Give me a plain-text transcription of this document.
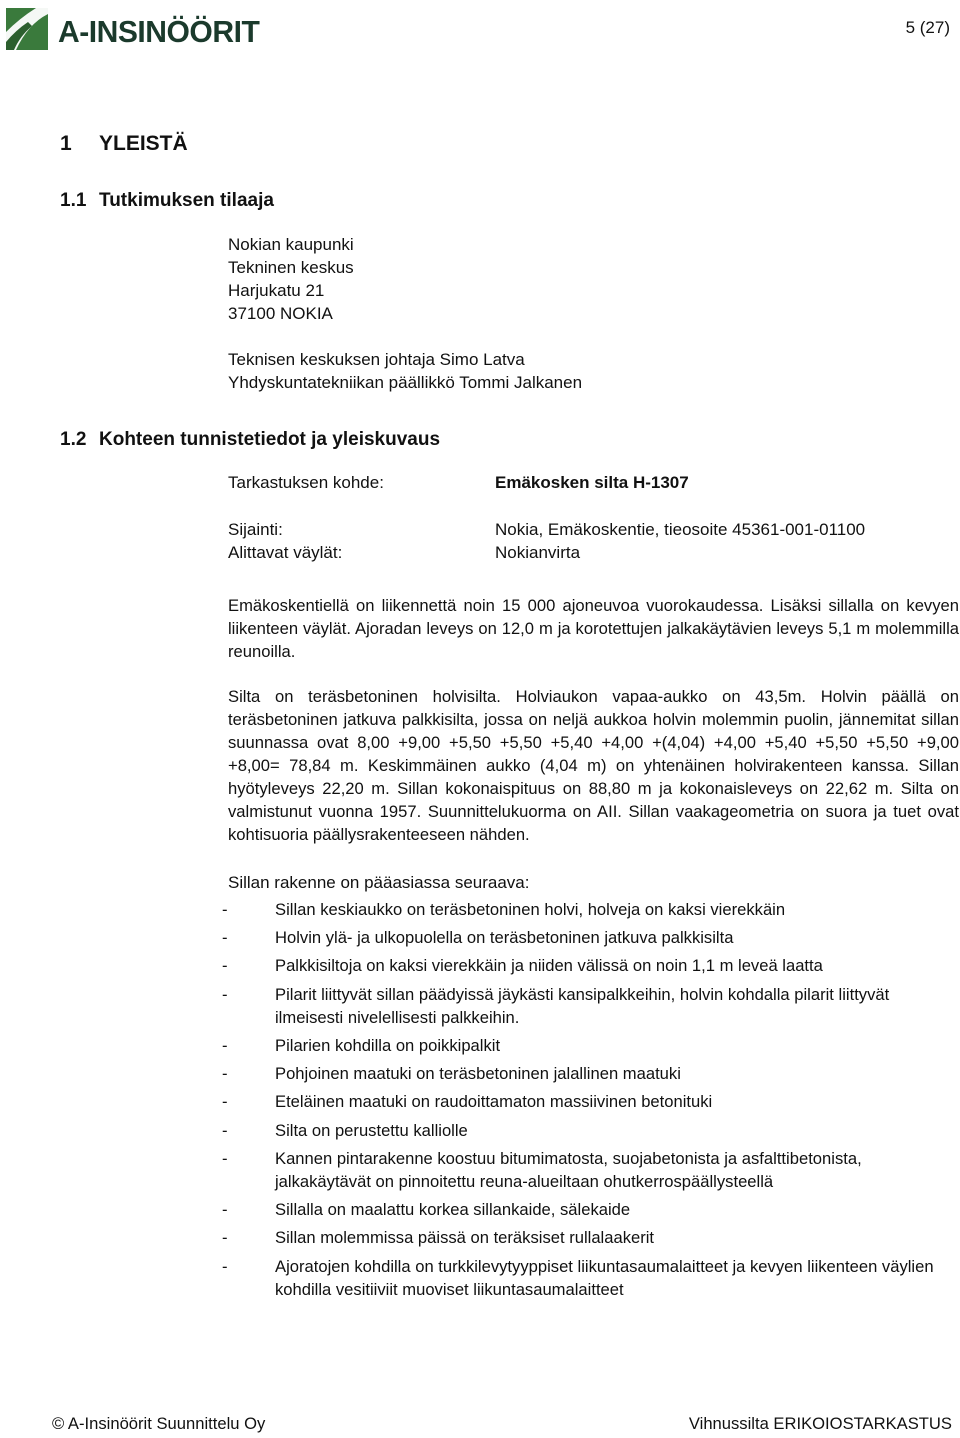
A-INSINÖÖRIT	5 (27)
1 YLEISTÄ
1.1 Tutkimuksen tilaaja
Nokian kaupunki
Tekninen keskus
Harjukatu 21
37100 NOKIA
Teknisen keskuksen johtaja Simo Latva
Yhdyskuntatekniikan päällikkö Tommi Jalkanen
1.2 Kohteen tunnistetiedot ja yleiskuvaus
Tarkastuksen kohde:	Emäkosken silta H-1307
Sijainti:	Nokia, Emäkoskentie, tieosoite 45361-001-01100
Alittavat väylät:	Nokianvirta
Emäkoskentiellä on liikennettä noin 15 000 ajoneuvoa vuorokaudessa. Lisäksi sillalla on kevyen liikenteen väylät. Ajoradan leveys on 12,0 m ja korotettujen jalkakäytävien leveys 5,1 m molemmilla reunoilla.
Silta on teräsbetoninen holvisilta. Holviaukon vapaa-aukko on 43,5m. Holvin päällä on teräsbetoninen jatkuva palkkisilta, jossa on neljä aukkoa holvin molemmin puolin, jännemitat sillan suunnassa ovat 8,00 +9,00 +5,50 +5,50 +5,40 +4,00 +(4,04) +4,00 +5,40 +5,50 +5,50 +9,00 +8,00= 78,84 m. Keskimmäinen aukko (4,04 m) on yhtenäinen holvirakenteen kanssa. Sillan hyötyleveys 22,20 m. Sillan kokonaispituus on 88,80 m ja kokonaisleveys on 22,62 m. Silta on valmistunut vuonna 1957. Suunnittelukuorma on AII. Sillan vaakageometria on suora ja tuet ovat kohtisuoria päällysrakenteeseen nähden.
Sillan rakenne on pääasiassa seuraava:
-	Sillan keskiaukko on teräsbetoninen holvi, holveja on kaksi vierekkäin
-	Holvin ylä- ja ulkopuolella on teräsbetoninen jatkuva palkkisilta
-	Palkkisiltoja on kaksi vierekkäin ja niiden välissä on noin 1,1 m leveä laatta
-	Pilarit liittyvät sillan päädyissä jäykästi kansipalkkeihin, holvin kohdalla pilarit liittyvät ilmeisesti nivelellisesti palkkeihin.
-	Pilarien kohdilla on poikkipalkit
-	Pohjoinen maatuki on teräsbetoninen jalallinen maatuki
-	Eteläinen maatuki on raudoittamaton massiivinen betonituki
-	Silta on perustettu kalliolle
-	Kannen pintarakenne koostuu bitumimatosta, suojabetonista ja asfalttibetonista, jalkakäytävät on pinnoitettu reuna-alueiltaan ohutkerrospäällysteellä
-	Sillalla on maalattu korkea sillankaide, sälekaide
-	Sillan molemmissa päissä on teräksiset rullalaakerit
-	Ajoratojen kohdilla on turkkilevytyyppiset liikuntasaumalaitteet ja kevyen liikenteen väylien kohdilla vesitiiviit muoviset liikuntasaumalaitteet
© A-Insinöörit Suunnittelu Oy	Vihnussilta ERIKOIOSTARKASTUS
